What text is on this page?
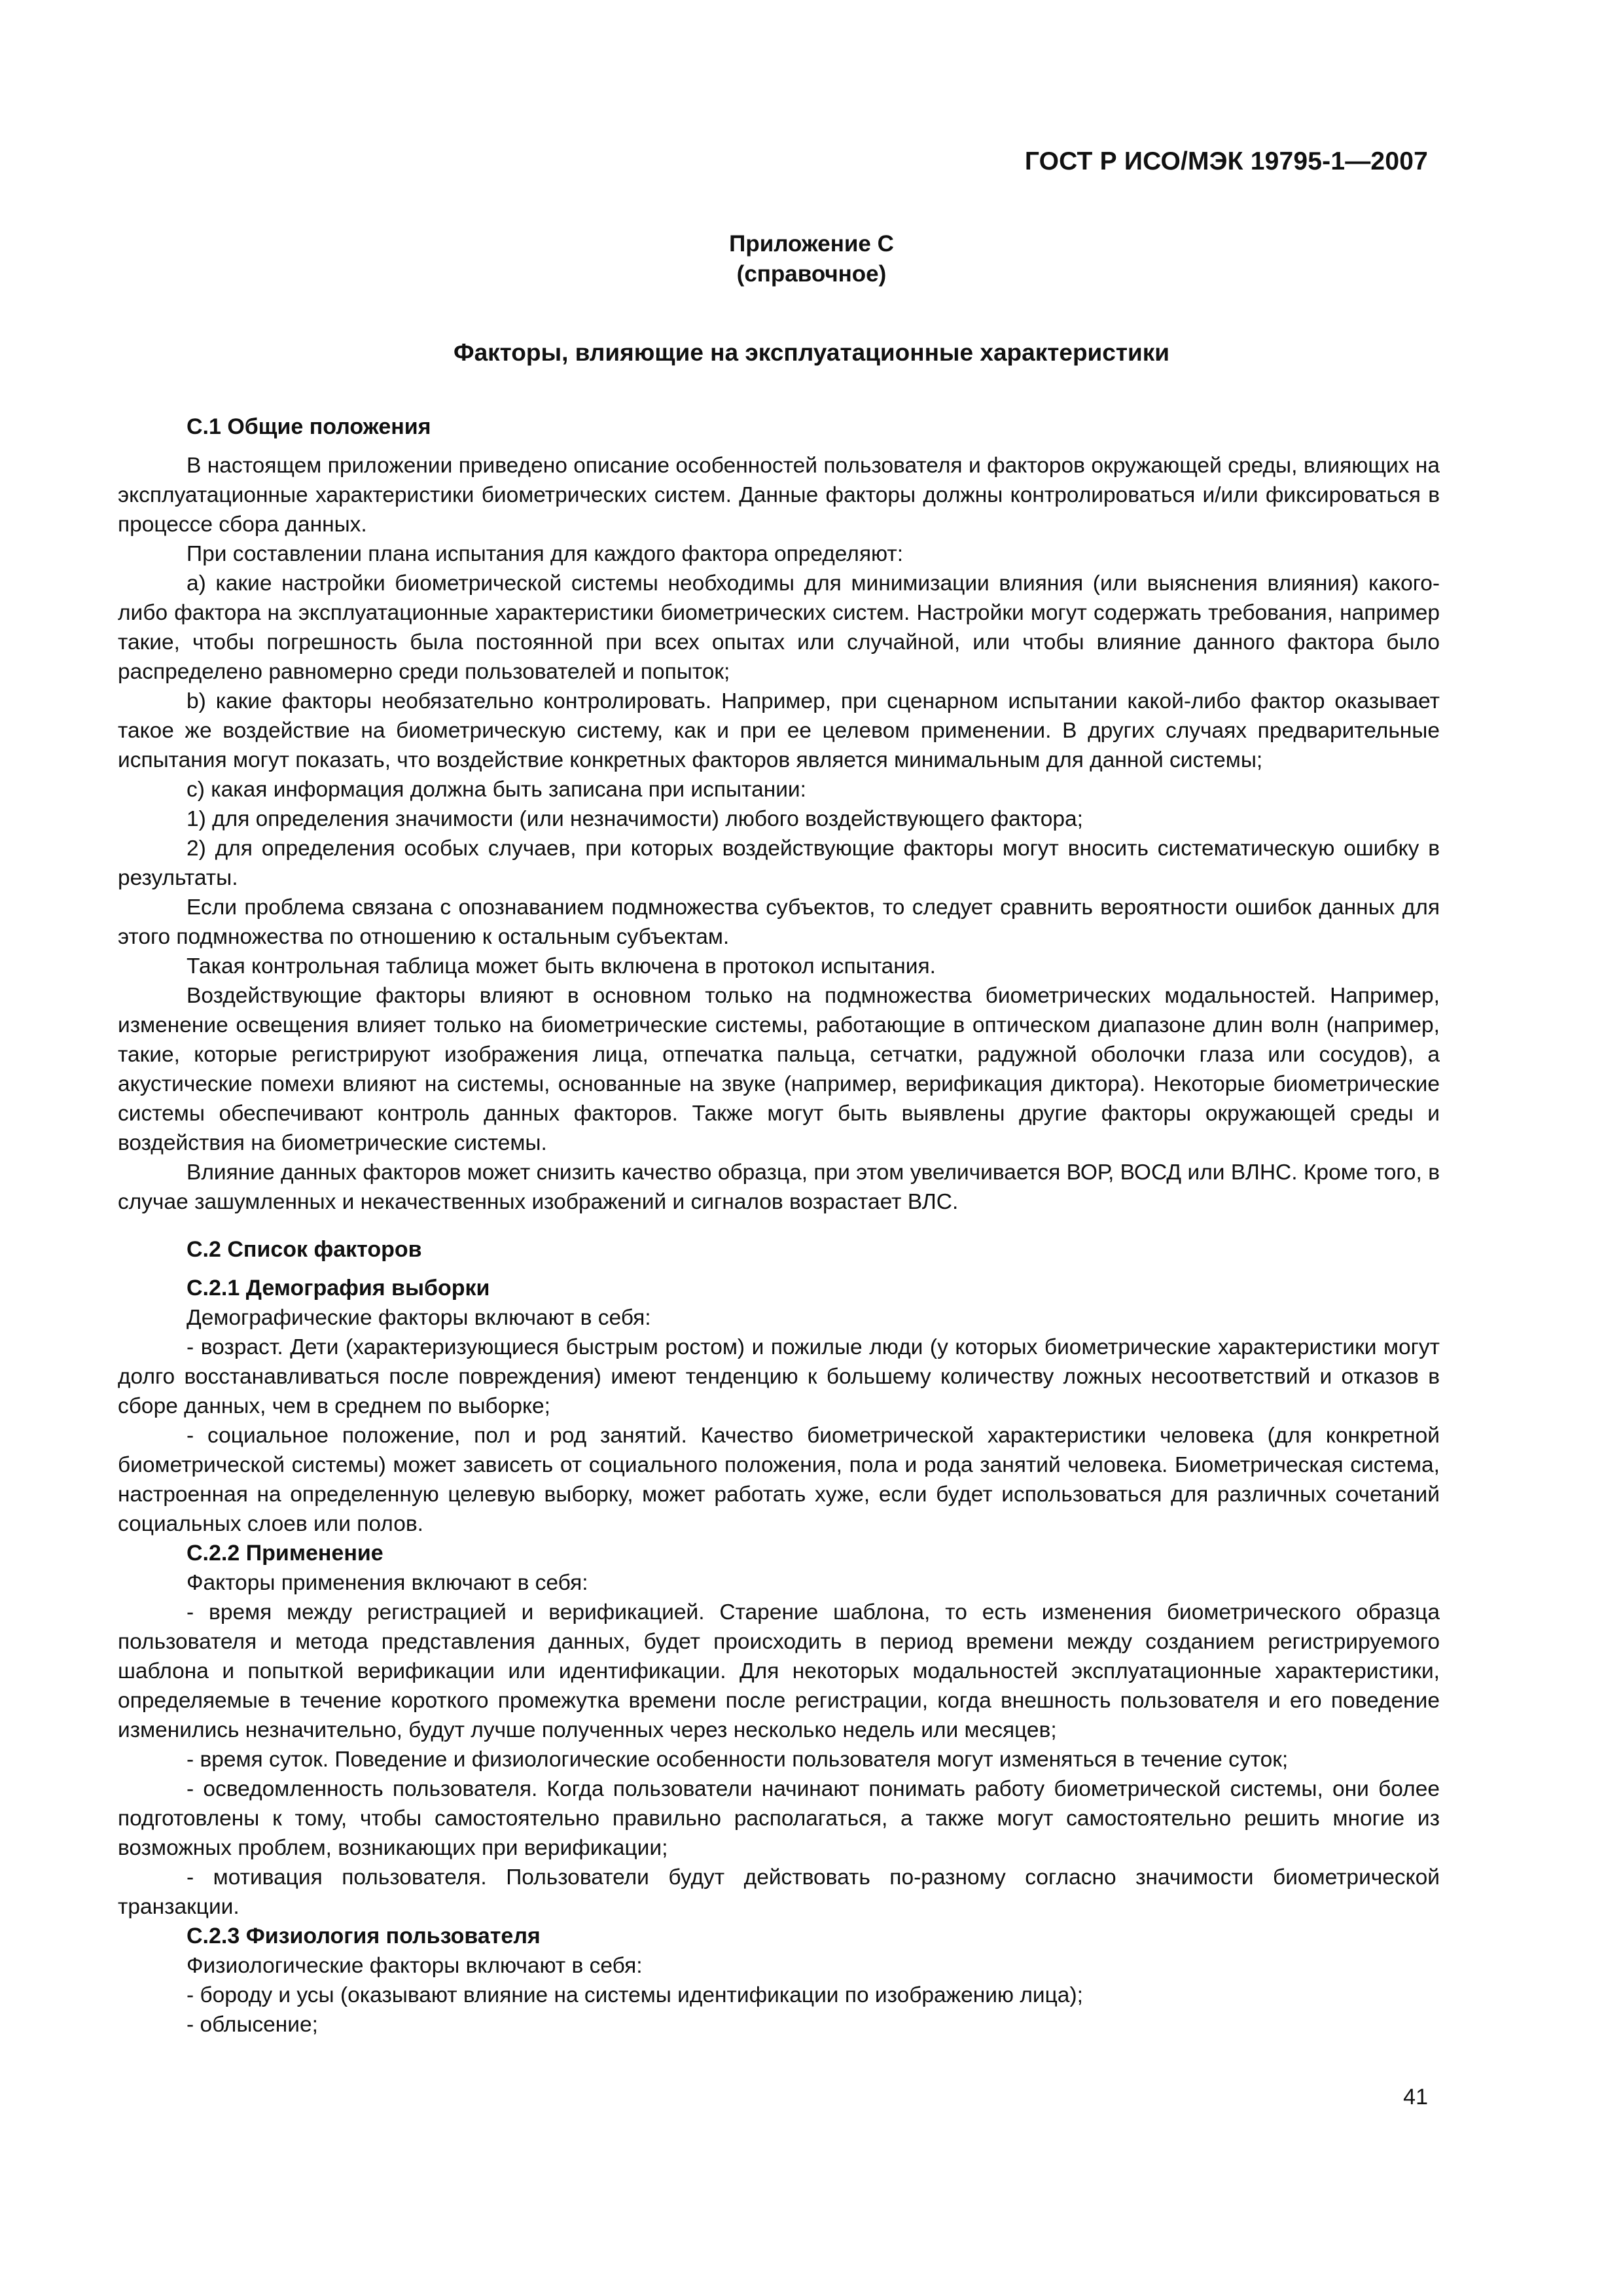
ГОСТ Р ИСО/МЭК 19795-1—2007
Приложение С
(справочное)
Факторы, влияющие на эксплуатационные характеристики
С.1 Общие положения

В настоящем приложении приведено описание особенностей пользователя и факторов окружающей среды, влияющих на эксплуатационные характеристики биометрических систем. Данные факторы должны контролироваться и/или фиксироваться в процессе сбора данных.

При составлении плана испытания для каждого фактора определяют:

a) какие настройки биометрической системы необходимы для минимизации влияния (или выяснения влияния) какого-либо фактора на эксплуатационные характеристики биометрических систем. Настройки могут содержать требования, например такие, чтобы погрешность была постоянной при всех опытах или случайной, или чтобы влияние данного фактора было распределено равномерно среди пользователей и попыток;

b) какие факторы необязательно контролировать. Например, при сценарном испытании какой-либо фактор оказывает такое же воздействие на биометрическую систему, как и при ее целевом применении. В других случаях предварительные испытания могут показать, что воздействие конкретных факторов является минимальным для данной системы;

c) какая информация должна быть записана при испытании:

1) для определения значимости (или незначимости) любого воздействующего фактора;

2) для определения особых случаев, при которых воздействующие факторы могут вносить систематическую ошибку в результаты.

Если проблема связана с опознаванием подмножества субъектов, то следует сравнить вероятности ошибок данных для этого подмножества по отношению к остальным субъектам.

Такая контрольная таблица может быть включена в протокол испытания.

Воздействующие факторы влияют в основном только на подмножества биометрических модальностей. Например, изменение освещения влияет только на биометрические системы, работающие в оптическом диапазоне длин волн (например, такие, которые регистрируют изображения лица, отпечатка пальца, сетчатки, радужной оболочки глаза или сосудов), а акустические помехи влияют на системы, основанные на звуке (например, верификация диктора). Некоторые биометрические системы обеспечивают контроль данных факторов. Также могут быть выявлены другие факторы окружающей среды и воздействия на биометрические системы.

Влияние данных факторов может снизить качество образца, при этом увеличивается ВОР, ВОСД или ВЛНС. Кроме того, в случае зашумленных и некачественных изображений и сигналов возрастает ВЛС.

С.2 Список факторов
С.2.1 Демография выборки

Демографические факторы включают в себя:

- возраст. Дети (характеризующиеся быстрым ростом) и пожилые люди (у которых биометрические характеристики могут долго восстанавливаться после повреждения) имеют тенденцию к большему количеству ложных несоответствий и отказов в сборе данных, чем в среднем по выборке;

- социальное положение, пол и род занятий. Качество биометрической характеристики человека (для конкретной биометрической системы) может зависеть от социального положения, пола и рода занятий человека. Биометрическая система, настроенная на определенную целевую выборку, может работать хуже, если будет использоваться для различных сочетаний социальных слоев или полов.

С.2.2 Применение

Факторы применения включают в себя:

- время между регистрацией и верификацией. Старение шаблона, то есть изменения биометрического образца пользователя и метода представления данных, будет происходить в период времени между созданием регистрируемого шаблона и попыткой верификации или идентификации. Для некоторых модальностей эксплуатационные характеристики, определяемые в течение короткого промежутка времени после регистрации, когда внешность пользователя и его поведение изменились незначительно, будут лучше полученных через несколько недель или месяцев;

- время суток. Поведение и физиологические особенности пользователя могут изменяться в течение суток;

- осведомленность пользователя. Когда пользователи начинают понимать работу биометрической системы, они более подготовлены к тому, чтобы самостоятельно правильно располагаться, а также могут самостоятельно решить многие из возможных проблем, возникающих при верификации;

- мотивация пользователя. Пользователи будут действовать по-разному согласно значимости биометрической транзакции.

С.2.3 Физиология пользователя

Физиологические факторы включают в себя:

- бороду и усы (оказывают влияние на системы идентификации по изображению лица);

- облысение;

41
